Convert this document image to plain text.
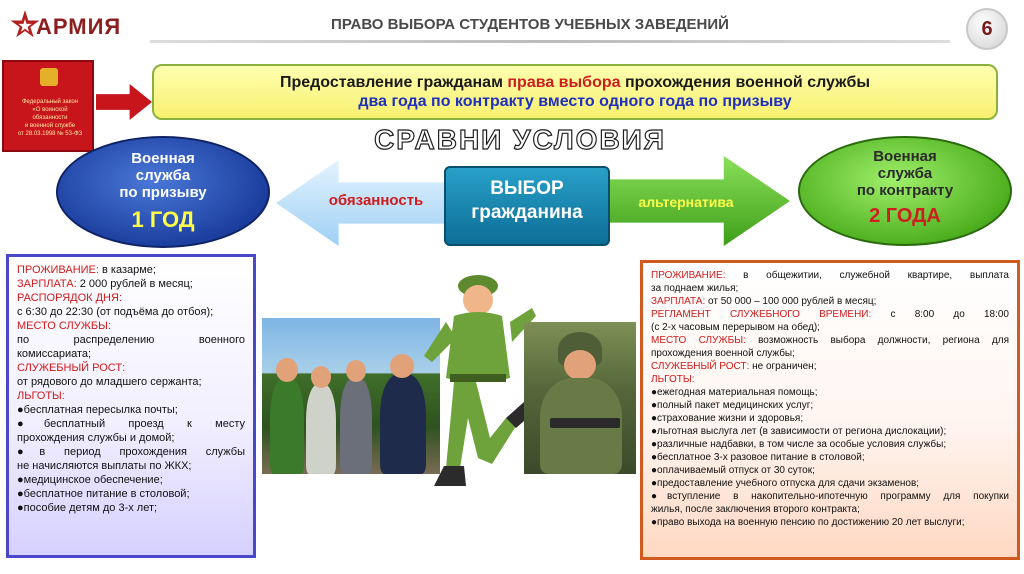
АРМИЯ	ПРАВО ВЫБОРА СТУДЕНТОВ УЧЕБНЫХ ЗАВЕДЕНИЙ	6
Федеральный закон
«О воинской
обязанности
и военной службе
от 28.03.1998 № 53-ФЗ
Предоставление гражданам права выбора прохождения военной службы
два года по контракту вместо одного года по призыву
СРАВНИ УСЛОВИЯ
Военная
служба
по призыву
1 ГОД
Военная
служба
по контракту
2 ГОДА
обязанность	альтернатива
ВЫБОР
гражданина
ПРОЖИВАНИЕ: в казарме;
ЗАРПЛАТА: 2 000 рублей в месяц;
РАСПОРЯДОК ДНЯ:
с 6:30 до 22:30 (от подъёма до отбоя);
МЕСТО СЛУЖБЫ:
по распределению военного
комиссариата;
СЛУЖЕБНЫЙ РОСТ:
от рядового до младшего сержанта;
ЛЬГОТЫ:
●бесплатная пересылка почты;
●бесплатный проезд к месту
прохождения службы и домой;
●в период прохождения службы
не начисляются выплаты по ЖКХ;
●медицинское обеспечение;
●бесплатное питание в столовой;
●пособие детям до 3-х лет;
ПРОЖИВАНИЕ: в общежитии, служебной квартире, выплата
за поднаем жилья;
ЗАРПЛАТА: от 50 000 – 100 000 рублей в месяц;
РЕГЛАМЕНТ СЛУЖЕБНОГО ВРЕМЕНИ: с 8:00 до 18:00
(с 2-х часовым перерывом на обед);
МЕСТО СЛУЖБЫ: возможность выбора должности, региона для
прохождения военной службы;
СЛУЖЕБНЫЙ РОСТ: не ограничен;
ЛЬГОТЫ:
●ежегодная материальная помощь;
●полный пакет медицинских услуг;
●страхование жизни и здоровья;
●льготная выслуга лет (в зависимости от региона дислокации);
●различные надбавки, в том числе за особые условия службы;
●бесплатное 3-х разовое питание в столовой;
●оплачиваемый отпуск от 30 суток;
●предоставление учебного отпуска для сдачи экзаменов;
●вступление в накопительно-ипотечную программу для покупки
жилья, после заключения второго контракта;
●право выхода на военную пенсию по достижению 20 лет выслуги;
